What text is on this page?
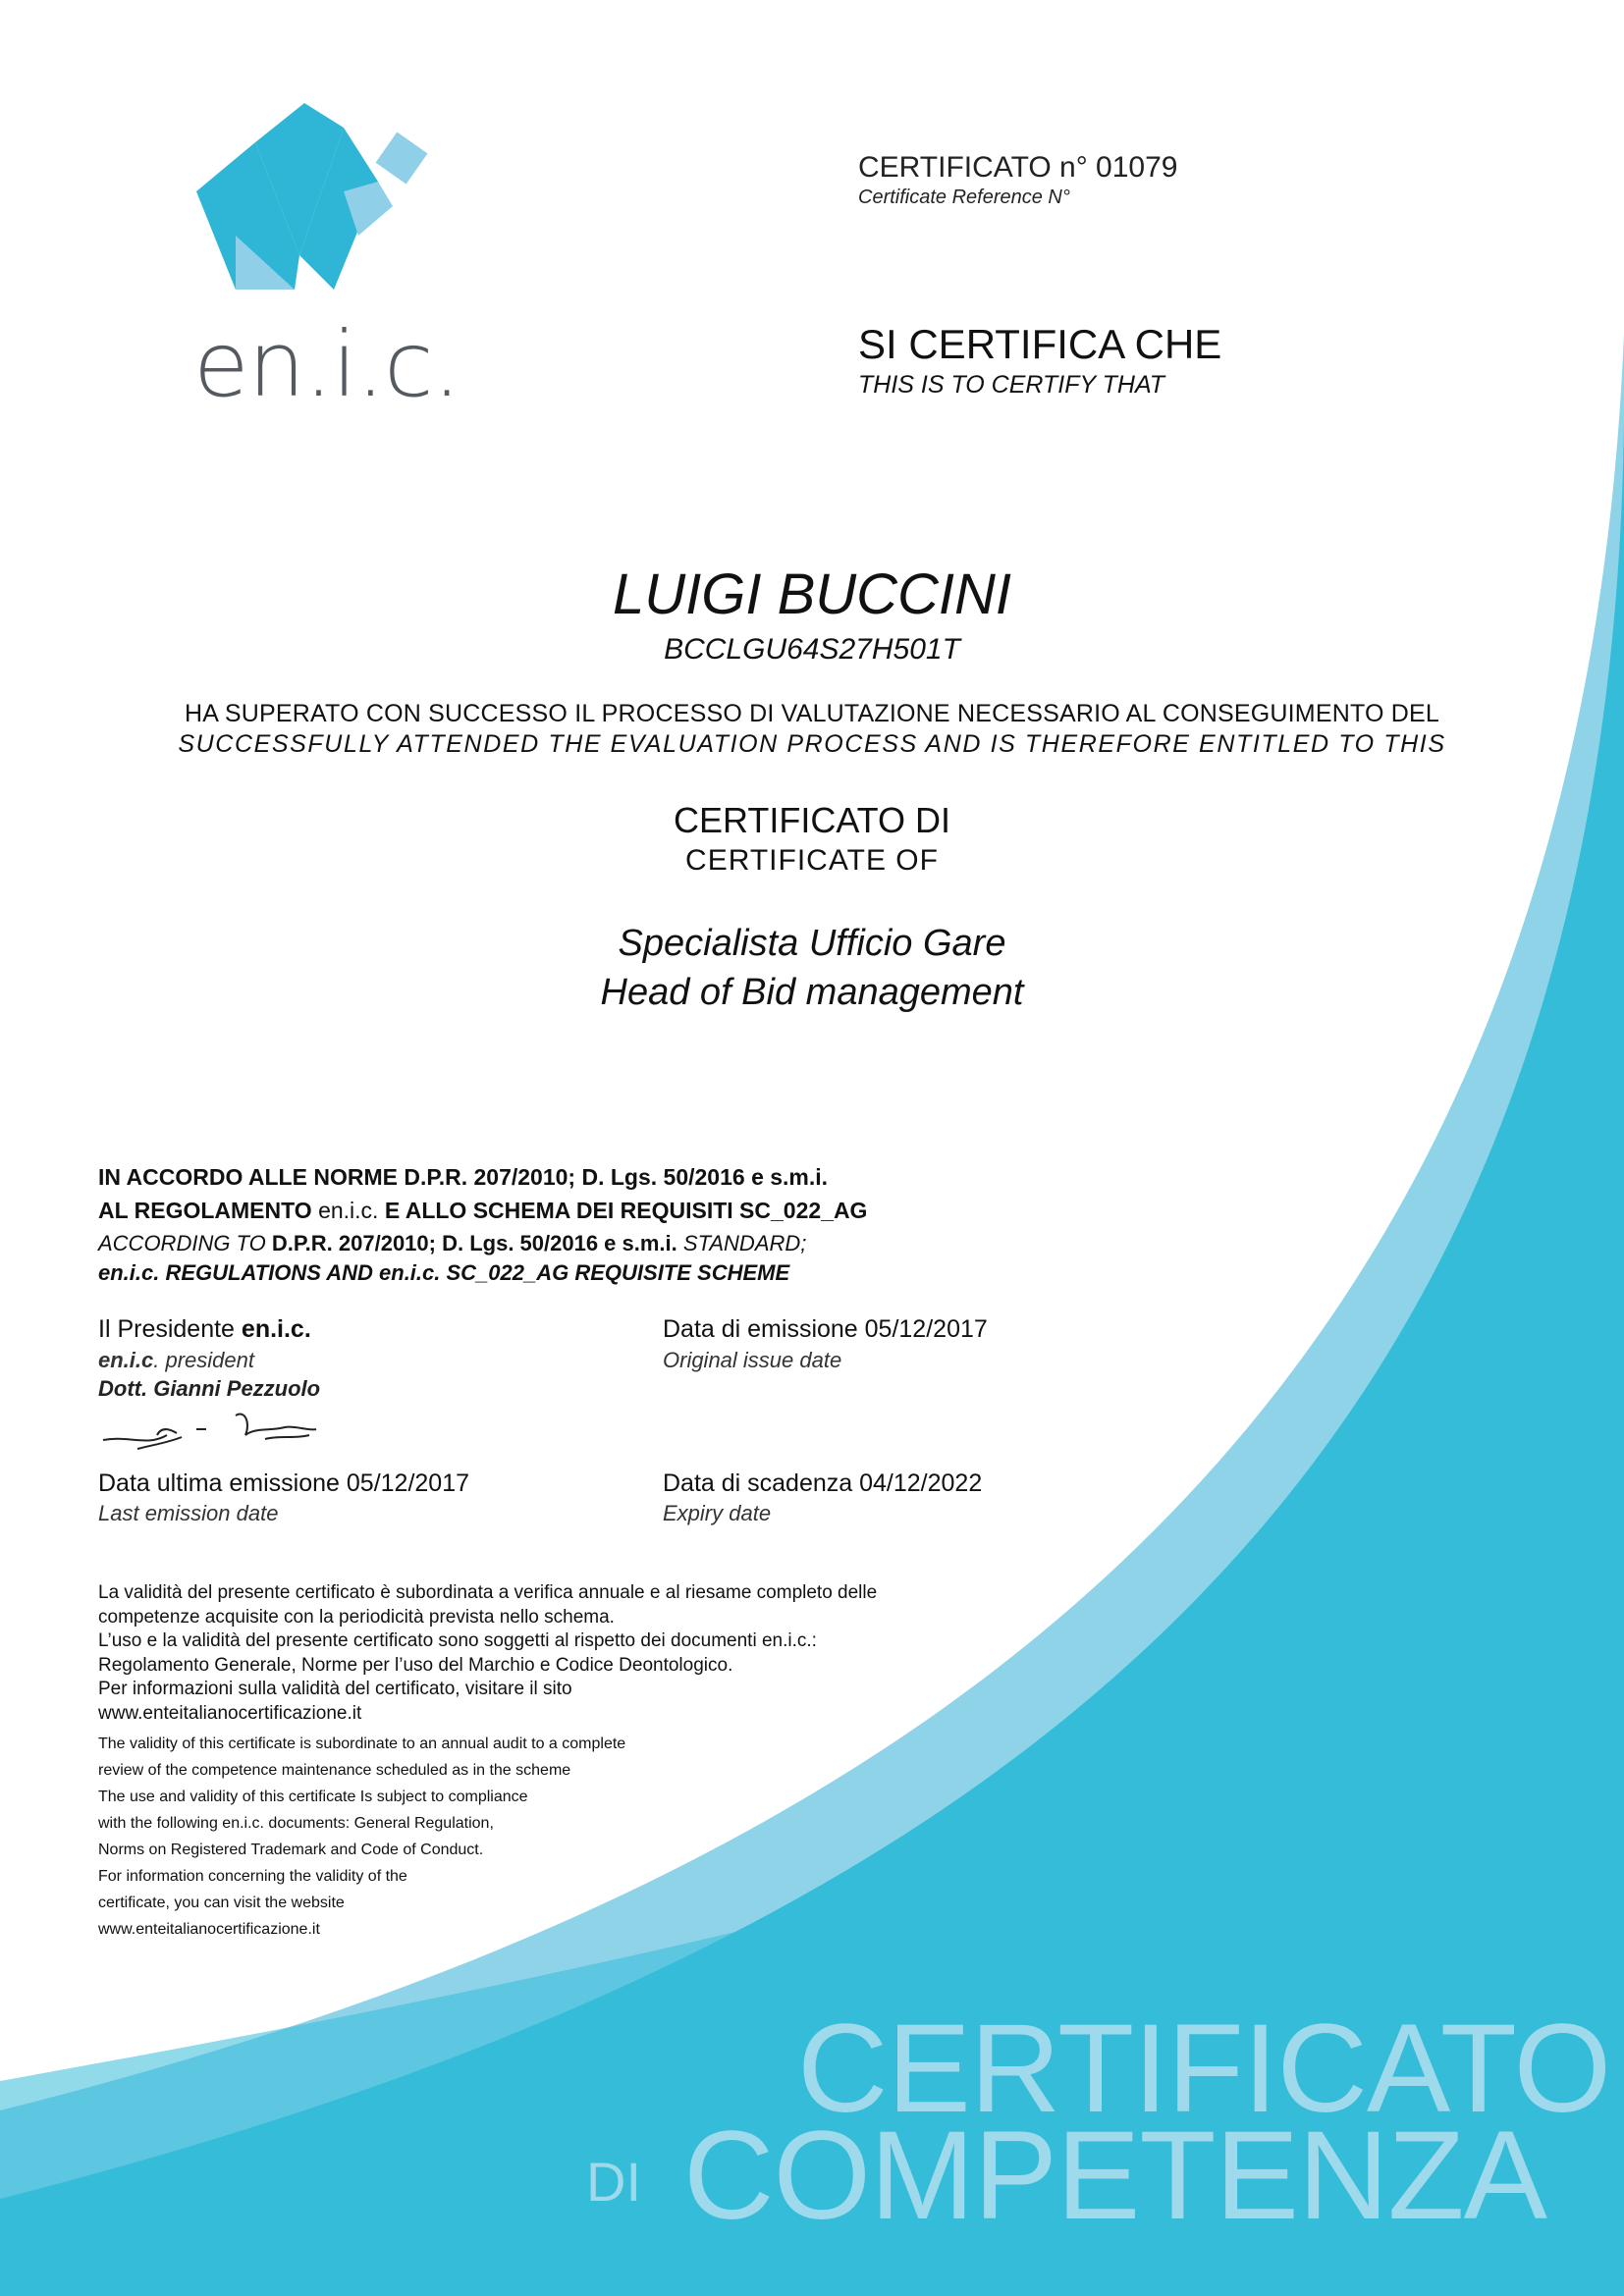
en.i.c.
CERTIFICATO n° 01079
Certificate Reference N°
SI CERTIFICA CHE
THIS IS TO CERTIFY THAT
LUIGI BUCCINI
BCCLGU64S27H501T
HA SUPERATO CON SUCCESSO IL PROCESSO DI VALUTAZIONE NECESSARIO AL CONSEGUIMENTO DEL
SUCCESSFULLY ATTENDED THE EVALUATION PROCESS AND IS THEREFORE ENTITLED TO THIS
CERTIFICATO DI
CERTIFICATE OF
Specialista Ufficio Gare
Head of Bid management
IN ACCORDO ALLE NORME D.P.R. 207/2010; D. Lgs. 50/2016 e s.m.i.
AL REGOLAMENTO en.i.c. E ALLO SCHEMA DEI REQUISITI SC_022_AG
ACCORDING TO D.P.R. 207/2010; D. Lgs. 50/2016 e s.m.i. STANDARD;
en.i.c. REGULATIONS AND en.i.c. SC_022_AG REQUISITE SCHEME
Il Presidente en.i.c.
en.i.c. president
Dott. Gianni Pezzuolo
Data di emissione 05/12/2017
Original issue date
Data ultima emissione 05/12/2017
Last emission date
Data di scadenza 04/12/2022
Expiry date
La validità del presente certificato è subordinata a verifica annuale e al riesame completo delle
competenze acquisite con la periodicità prevista nello schema.
L’uso e la validità del presente certificato sono soggetti al rispetto dei documenti en.i.c.:
Regolamento Generale, Norme per l’uso del Marchio e Codice Deontologico.
Per informazioni sulla validità del certificato, visitare il sito
www.enteitalianocertificazione.it
The validity of this certificate is subordinate to an annual audit to a complete
review of the competence maintenance scheduled as in the scheme
The use and validity of this certificate Is subject to compliance
with the following en.i.c. documents: General Regulation,
Norms on Registered Trademark and Code of Conduct.
For information concerning the validity of the
certificate, you can visit the website
www.enteitalianocertificazione.it
CERTIFICATO
DI COMPETENZA
